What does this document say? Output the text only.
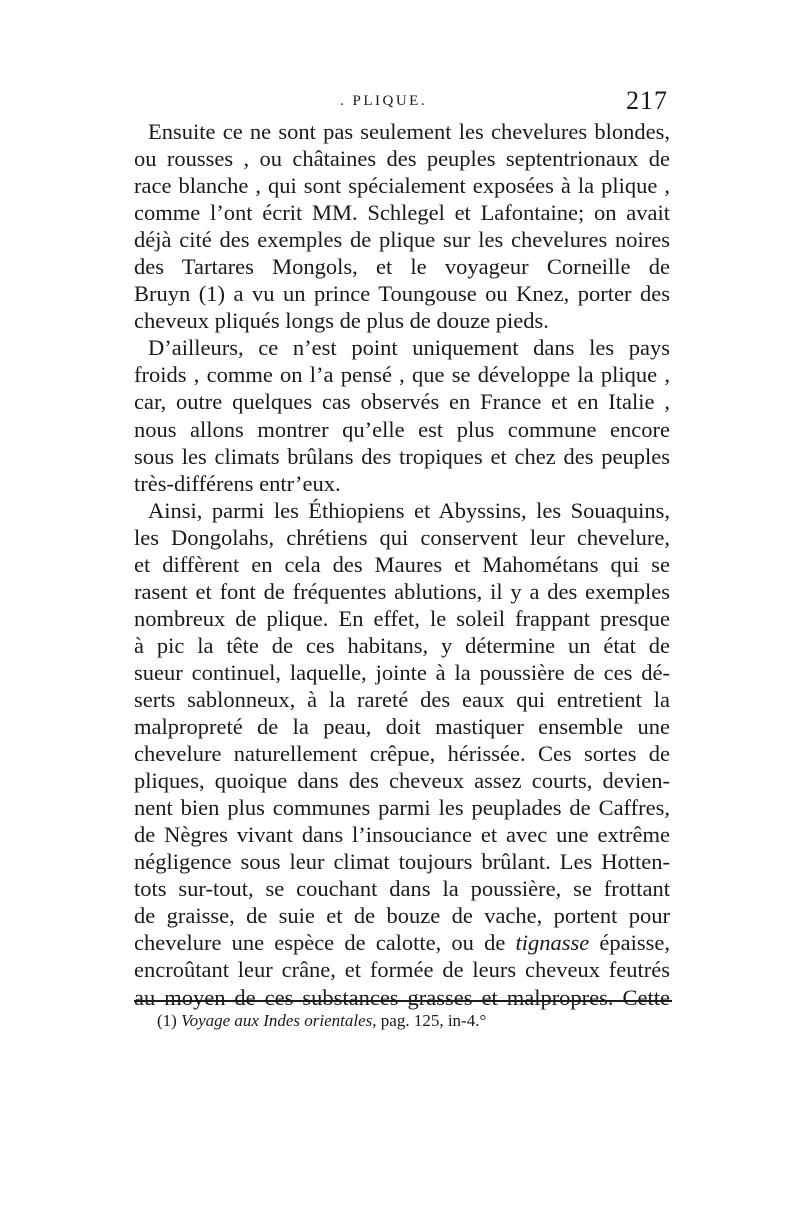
. PLIQUE.	217
Ensuite ce ne sont pas seulement les chevelures blondes,
ou rousses , ou châtaines des peuples septentrionaux de
race blanche , qui sont spécialement exposées à la plique ,
comme l’ont écrit MM. Schlegel et Lafontaine; on avait
déjà cité des exemples de plique sur les chevelures noires
des Tartares Mongols, et le voyageur Corneille de
Bruyn (1) a vu un prince Toungouse ou Knez, porter des
cheveux pliqués longs de plus de douze pieds.
D’ailleurs, ce n’est point uniquement dans les pays
froids , comme on l’a pensé , que se développe la plique ,
car, outre quelques cas observés en France et en Italie ,
nous allons montrer qu’elle est plus commune encore
sous les climats brûlans des tropiques et chez des peuples
très-différens entr’eux.
Ainsi, parmi les Éthiopiens et Abyssins, les Souaquins,
les Dongolahs, chrétiens qui conservent leur chevelure,
et diffèrent en cela des Maures et Mahométans qui se
rasent et font de fréquentes ablutions, il y a des exemples
nombreux de plique. En effet, le soleil frappant presque
à pic la tête de ces habitans, y détermine un état de
sueur continuel, laquelle, jointe à la poussière de ces dé-
serts sablonneux, à la rareté des eaux qui entretient la
malpropreté de la peau, doit mastiquer ensemble une
chevelure naturellement crêpue, hérissée. Ces sortes de
pliques, quoique dans des cheveux assez courts, devien-
nent bien plus communes parmi les peuplades de Caffres,
de Nègres vivant dans l’insouciance et avec une extrême
négligence sous leur climat toujours brûlant. Les Hotten-
tots sur-tout, se couchant dans la poussière, se frottant
de graisse, de suie et de bouze de vache, portent pour
chevelure une espèce de calotte, ou de tignasse épaisse,
encroûtant leur crâne, et formée de leurs cheveux feutrés
au moyen de ces substances grasses et malpropres. Cette
(1) Voyage aux Indes orientales, pag. 125, in-4.°
